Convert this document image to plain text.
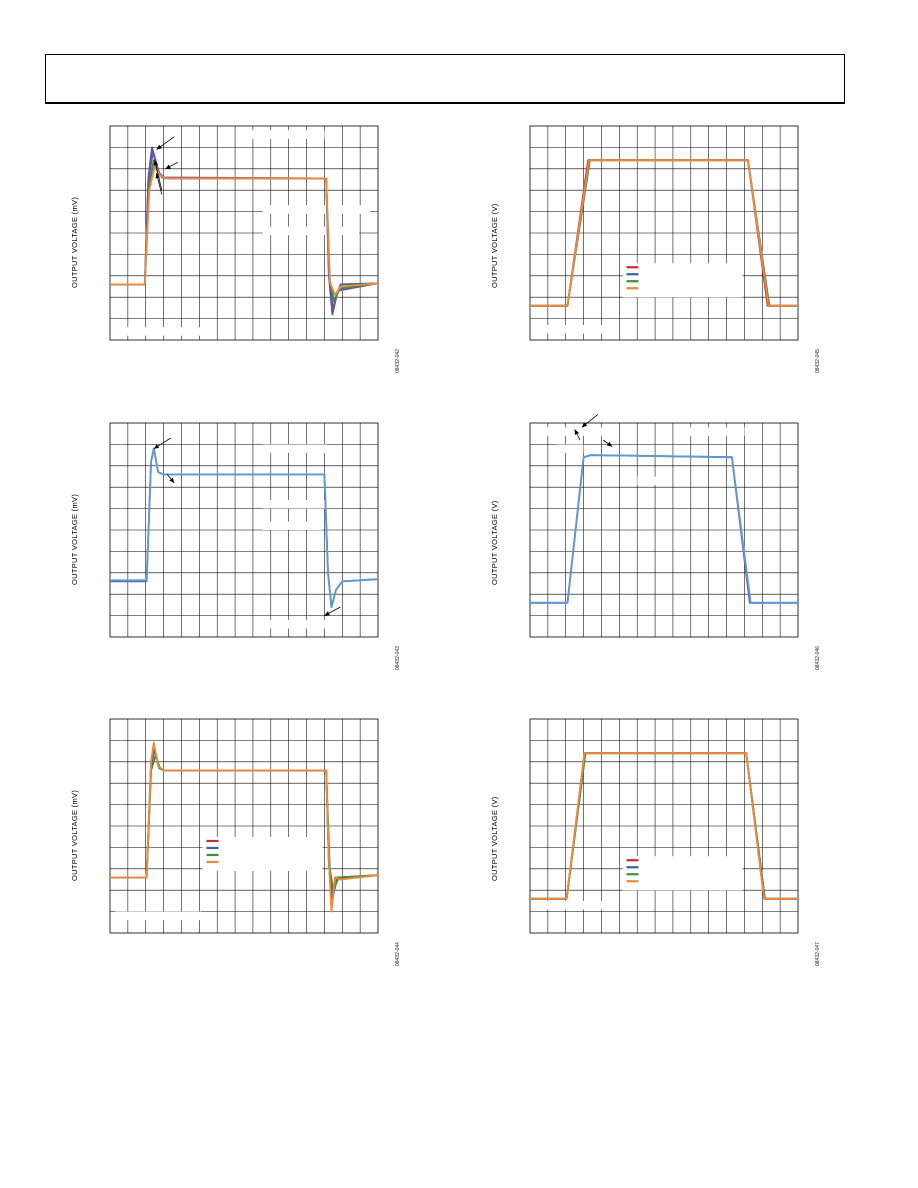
OUTPUT VOLTAGE (mV)
08432-042
OUTPUT VOLTAGE (V)
08432-045
OUTPUT VOLTAGE (mV)
08432-043
OUTPUT VOLTAGE (V)
08432-046
OUTPUT VOLTAGE (mV)
08432-044
OUTPUT VOLTAGE (V)
08432-047
